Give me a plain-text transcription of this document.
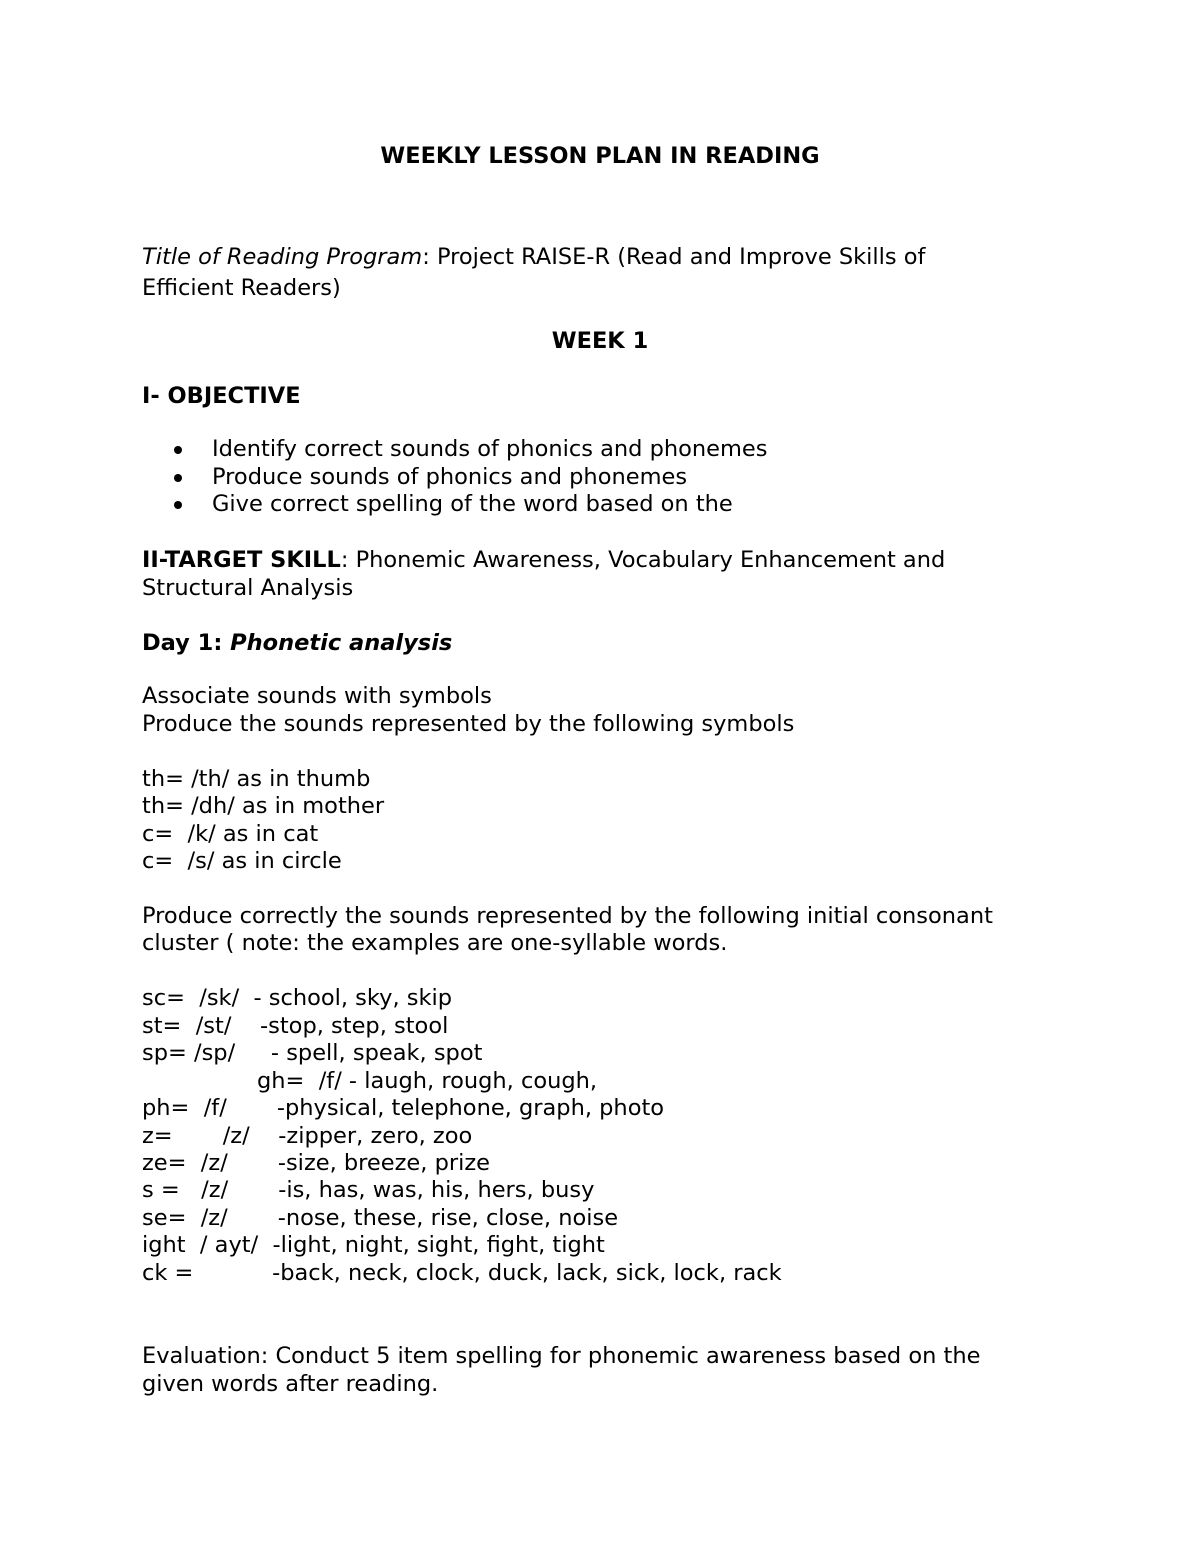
WEEKLY LESSON PLAN IN READING
Title of Reading Program: Project RAISE-R (Read and Improve Skills of
Efficient Readers)
WEEK 1
I- OBJECTIVE
Identify correct sounds of phonics and phonemes
Produce sounds of phonics and phonemes
Give correct spelling of the word based on the
II-TARGET SKILL: Phonemic Awareness, Vocabulary Enhancement and
Structural Analysis
Day 1: Phonetic analysis
Associate sounds with symbols
Produce the sounds represented by the following symbols
th= /th/ as in thumb
th= /dh/ as in mother
c=  /k/ as in cat
c=  /s/ as in circle
Produce correctly the sounds represented by the following initial consonant
cluster ( note: the examples are one-syllable words.
sc=  /sk/  - school, sky, skip
st=  /st/    -stop, step, stool
sp= /sp/     - spell, speak, spot
gh=  /f/ - laugh, rough, cough,
ph=  /f/       -physical, telephone, graph, photo
z=       /z/    -zipper, zero, zoo
ze=  /z/       -size, breeze, prize
s =   /z/       -is, has, was, his, hers, busy
se=  /z/       -nose, these, rise, close, noise
ight  / ayt/  -light, night, sight, fight, tight
ck =           -back, neck, clock, duck, lack, sick, lock, rack
Evaluation: Conduct 5 item spelling for phonemic awareness based on the
given words after reading.
